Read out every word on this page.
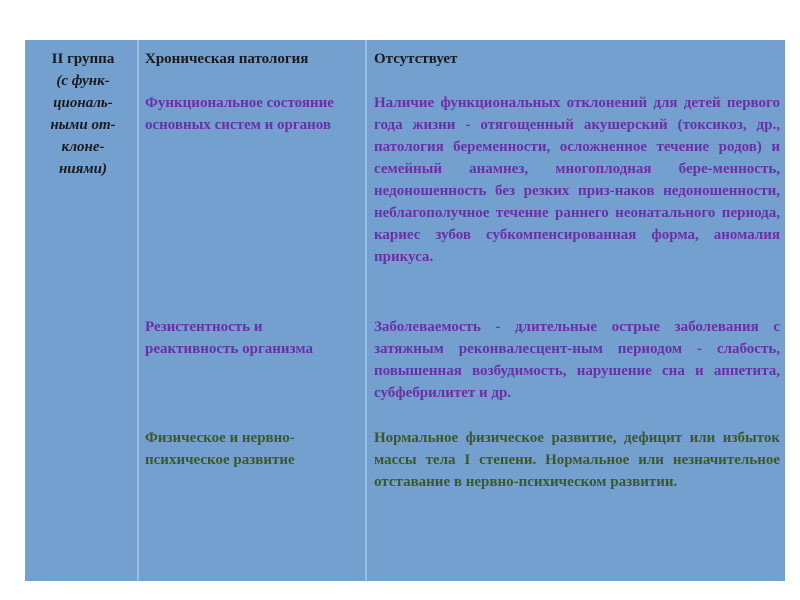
II группа
(с функ-
циональ-
ными от-
клоне-
ниями)
Хроническая патология	Отсутствует
Функциональное состояние основных систем и органов
Наличие функциональных отклонений для детей первого года жизни - отягощенный акушерский (токсикоз, др., патология беременности, осложненное течение родов) и семейный анамнез, многоплодная бере-менность, недоношенность без резких приз-наков недоношенности, неблагополучное течение раннего неонатального периода, кариес зубов субкомпенсированная форма, аномалия прикуса.
Резистентность и реактивность организма
Заболеваемость - длительные острые заболевания с затяжным реконвалесцент-ным периодом - слабость, повышенная возбудимость, нарушение сна и аппетита, субфебрилитет и др.
Физическое и нервно-психическое развитие
Нормальное физическое развитие, дефицит или избыток массы тела I степени. Нормальное или незначительное отставание в нервно-психическом развитии.
